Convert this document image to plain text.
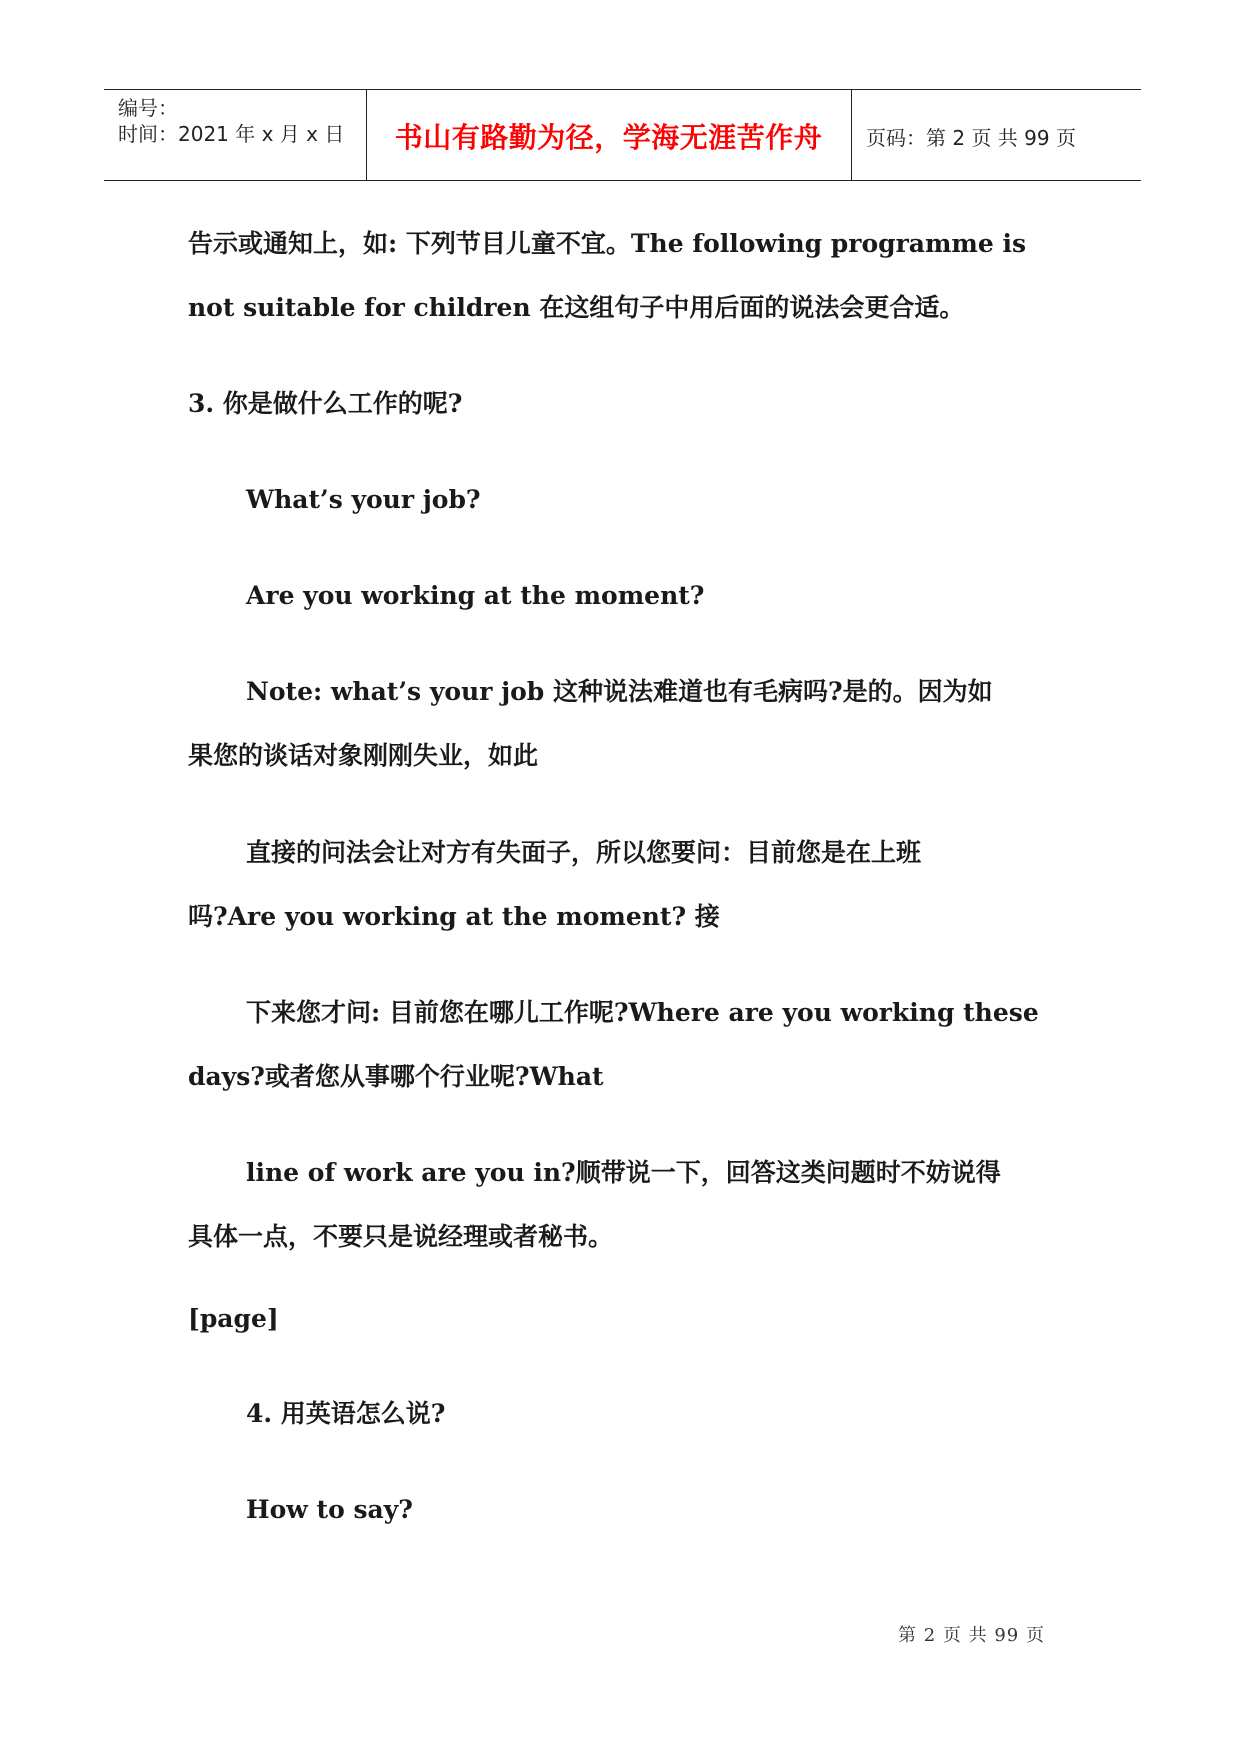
编号：
时间：2021 年 x 月 x 日	书山有路勤为径，学海无涯苦作舟	页码：第 2 页 共 99 页
告示或通知上，如: 下列节目儿童不宜。The following programme is
not suitable for children 在这组句子中用后面的说法会更合适。
3. 你是做什么工作的呢?
What’s your job?
Are you working at the moment?
Note: what’s your job 这种说法难道也有毛病吗?是的。因为如
果您的谈话对象刚刚失业，如此
直接的问法会让对方有失面子，所以您要问：目前您是在上班
吗?Are you working at the moment? 接
下来您才问: 目前您在哪儿工作呢?Where are you working these
days?或者您从事哪个行业呢?What
line of work are you in?顺带说一下，回答这类问题时不妨说得
具体一点，不要只是说经理或者秘书。
[page]
4. 用英语怎么说?
How to say?
第 2 页 共 99 页
